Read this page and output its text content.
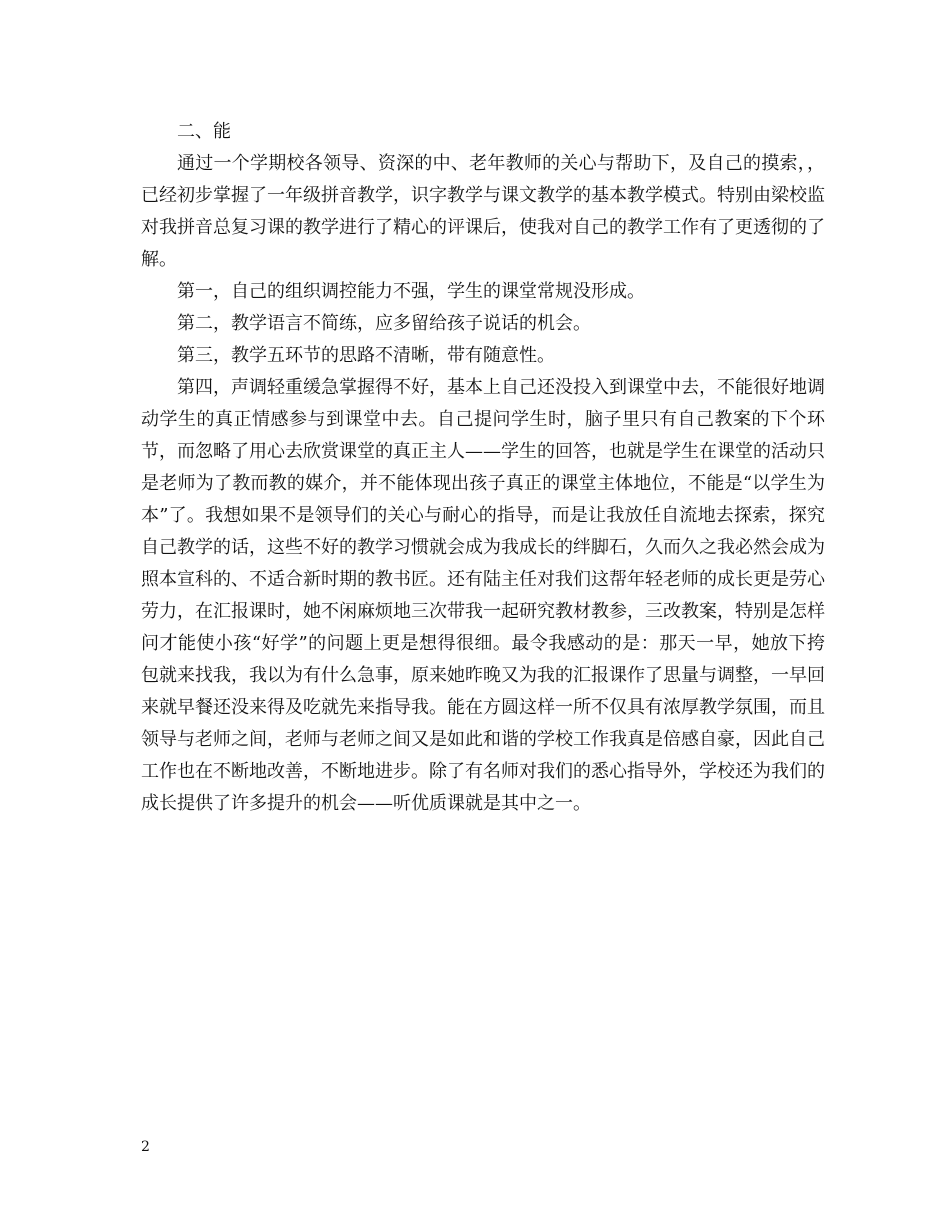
二、能

通过一个学期校各领导、资深的中、老年教师的关心与帮助下，及自己的摸索，，已经初步掌握了一年级拼音教学，识字教学与课文教学的基本教学模式。特别由梁校监对我拼音总复习课的教学进行了精心的评课后，使我对自己的教学工作有了更透彻的了解。

第一，自己的组织调控能力不强，学生的课堂常规没形成。

第二，教学语言不简练，应多留给孩子说话的机会。

第三，教学五环节的思路不清晰，带有随意性。

第四，声调轻重缓急掌握得不好，基本上自己还没投入到课堂中去，不能很好地调动学生的真正情感参与到课堂中去。自己提问学生时，脑子里只有自己教案的下个环节，而忽略了用心去欣赏课堂的真正主人——学生的回答，也就是学生在课堂的活动只是老师为了教而教的媒介，并不能体现出孩子真正的课堂主体地位，不能是“以学生为本”了。我想如果不是领导们的关心与耐心的指导，而是让我放任自流地去探索，探究自己教学的话，这些不好的教学习惯就会成为我成长的绊脚石，久而久之我必然会成为照本宣科的、不适合新时期的教书匠。还有陆主任对我们这帮年轻老师的成长更是劳心劳力，在汇报课时，她不闲麻烦地三次带我一起研究教材教参，三改教案，特别是怎样问才能使小孩“好学”的问题上更是想得很细。最令我感动的是：那天一早，她放下挎包就来找我，我以为有什么急事，原来她昨晚又为我的汇报课作了思量与调整，一早回来就早餐还没来得及吃就先来指导我。能在方圆这样一所不仅具有浓厚教学氛围，而且领导与老师之间，老师与老师之间又是如此和谐的学校工作我真是倍感自豪，因此自己工作也在不断地改善，不断地进步。除了有名师对我们的悉心指导外，学校还为我们的成长提供了许多提升的机会——听优质课就是其中之一。

2
